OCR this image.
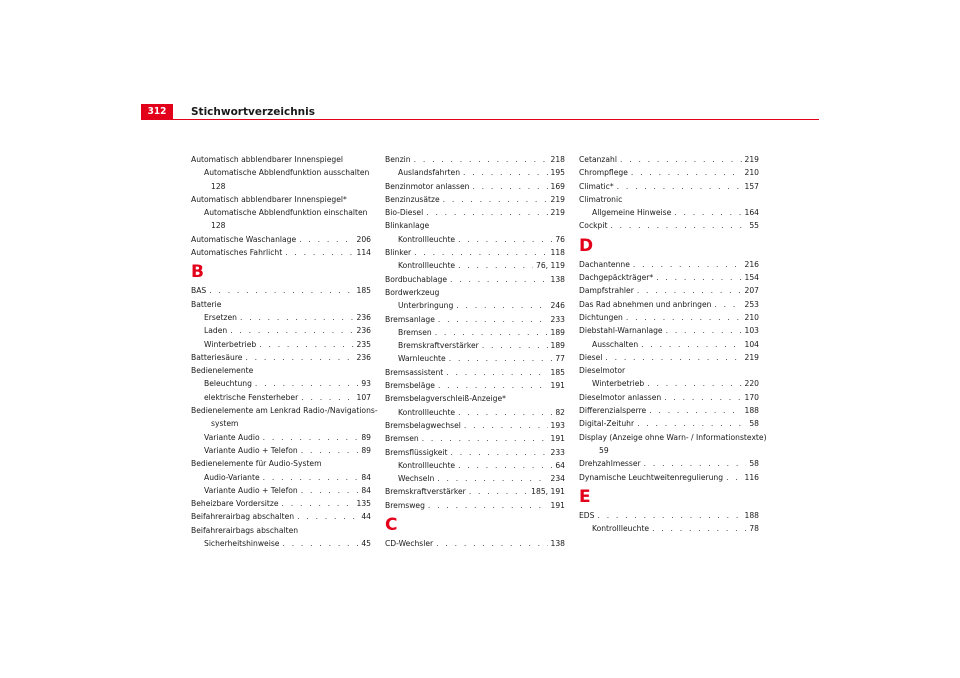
312	Stichwortverzeichnis
Automatisch abblendbarer Innenspiegel
Automatische Abblendfunktion ausschalten
128
Automatisch abblendbarer Innenspiegel*
Automatische Abblendfunktion einschalten
128
Automatische Waschanlage . . .	206
Automatisches Fahrlicht . . .	114
B
BAS . . .	185
Batterie
Ersetzen . . .	236
Laden . . .	236
Winterbetrieb . . .	235
Batteriesäure . . .	236
Bedienelemente
Beleuchtung . . .	93
elektrische Fensterheber . . .	107
Bedienelemente am Lenkrad Radio-/Navigations-
system
Variante Audio . . .	89
Variante Audio + Telefon . . .	89
Bedienelemente für Audio-System
Audio-Variante . . .	84
Variante Audio + Telefon . . .	84
Beheizbare Vordersitze . . .	135
Beifahrerairbag abschalten . . .	44
Beifahrerairbags abschalten
Sicherheitshinweise . . .	45
Benzin . . .	218
Auslandsfahrten . . .	195
Benzinmotor anlassen . . .	169
Benzinzusätze . . .	219
Bio-Diesel . . .	219
Blinkanlage
Kontrollleuchte . . .	76
Blinker . . .	118
Kontrollleuchte . . .	76, 119
Bordbuchablage . . .	138
Bordwerkzeug
Unterbringung . . .	246
Bremsanlage . . .	233
Bremsen . . .	189
Bremskraftverstärker . . .	189
Warnleuchte . . .	77
Bremsassistent . . .	185
Bremsbeläge . . .	191
Bremsbelagverschleiß-Anzeige*
Kontrollleuchte . . .	82
Bremsbelagwechsel . . .	193
Bremsen . . .	191
Bremsflüssigkeit . . .	233
Kontrollleuchte . . .	64
Wechseln . . .	234
Bremskraftverstärker . . .	185, 191
Bremsweg . . .	191
C
CD-Wechsler . . .	138
Cetanzahl . . .	219
Chrompflege . . .	210
Climatic* . . .	157
Climatronic
Allgemeine Hinweise . . .	164
Cockpit . . .	55
D
Dachantenne . . .	216
Dachgepäckträger* . . .	154
Dampfstrahler . . .	207
Das Rad abnehmen und anbringen . . .	253
Dichtungen . . .	210
Diebstahl-Warnanlage . . .	103
Ausschalten . . .	104
Diesel . . .	219
Dieselmotor
Winterbetrieb . . .	220
Dieselmotor anlassen . . .	170
Differenzialsperre . . .	188
Digital-Zeituhr . . .	58
Display (Anzeige ohne Warn- / Informationstexte)
59
Drehzahlmesser . . .	58
Dynamische Leuchtweitenregulierung . . .	116
E
EDS . . .	188
Kontrollleuchte . . .	78
